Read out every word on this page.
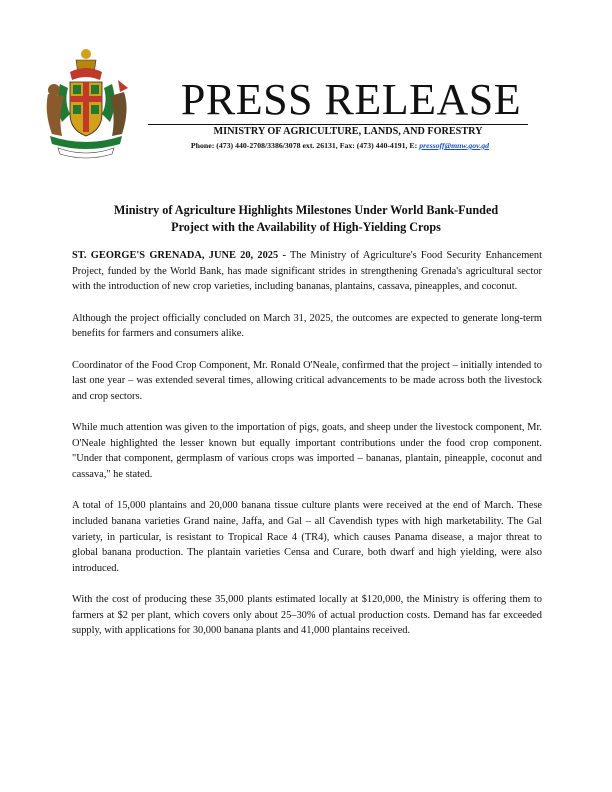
PRESS RELEASE
MINISTRY OF AGRICULTURE, LANDS, AND FORESTRY
Phone: (473) 440-2708/3386/3078 ext. 26131, Fax: (473) 440-4191, E: pressoff@mnw.gov.gd
Ministry of Agriculture Highlights Milestones Under World Bank-Funded
Project with the Availability of High-Yielding Crops

ST. GEORGE'S GRENADA, JUNE 20, 2025 - The Ministry of Agriculture's Food Security Enhancement Project, funded by the World Bank, has made significant strides in strengthening Grenada's agricultural sector with the introduction of new crop varieties, including bananas, plantains, cassava, pineapples, and coconut.

Although the project officially concluded on March 31, 2025, the outcomes are expected to generate long-term benefits for farmers and consumers alike.

Coordinator of the Food Crop Component, Mr. Ronald O'Neale, confirmed that the project – initially intended to last one year – was extended several times, allowing critical advancements to be made across both the livestock and crop sectors.

While much attention was given to the importation of pigs, goats, and sheep under the livestock component, Mr. O'Neale highlighted the lesser known but equally important contributions under the food crop component. "Under that component, germplasm of various crops was imported – bananas, plantain, pineapple, coconut and cassava," he stated.

A total of 15,000 plantains and 20,000 banana tissue culture plants were received at the end of March. These included banana varieties Grand naine, Jaffa, and Gal – all Cavendish types with high marketability. The Gal variety, in particular, is resistant to Tropical Race 4 (TR4), which causes Panama disease, a major threat to global banana production. The plantain varieties Censa and Curare, both dwarf and high yielding, were also introduced.

With the cost of producing these 35,000 plants estimated locally at $120,000, the Ministry is offering them to farmers at $2 per plant, which covers only about 25–30% of actual production costs. Demand has far exceeded supply, with applications for 30,000 banana plants and 41,000 plantains received.
